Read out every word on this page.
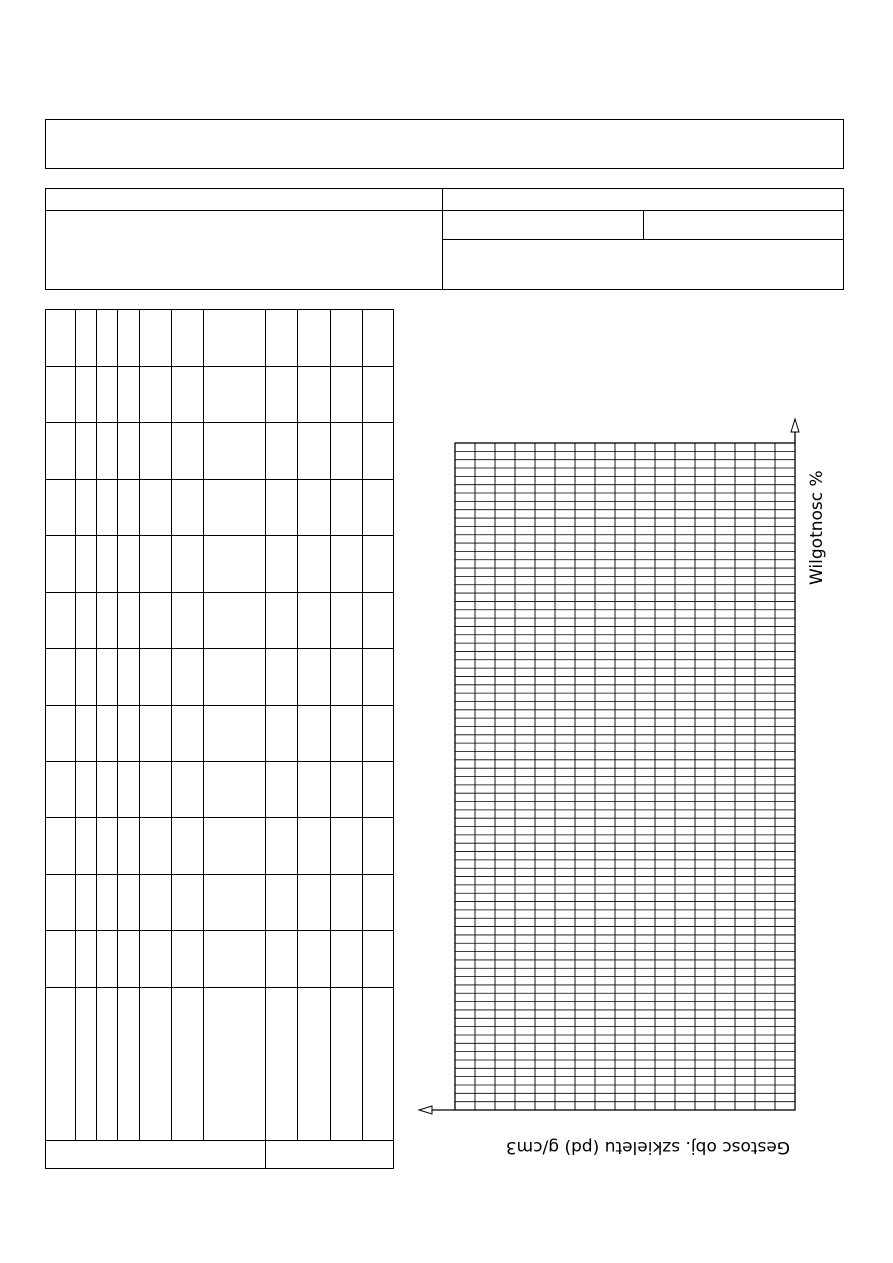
Wilgotnosc %
Gestosc obj. szkieletu (pd) g/cm3
